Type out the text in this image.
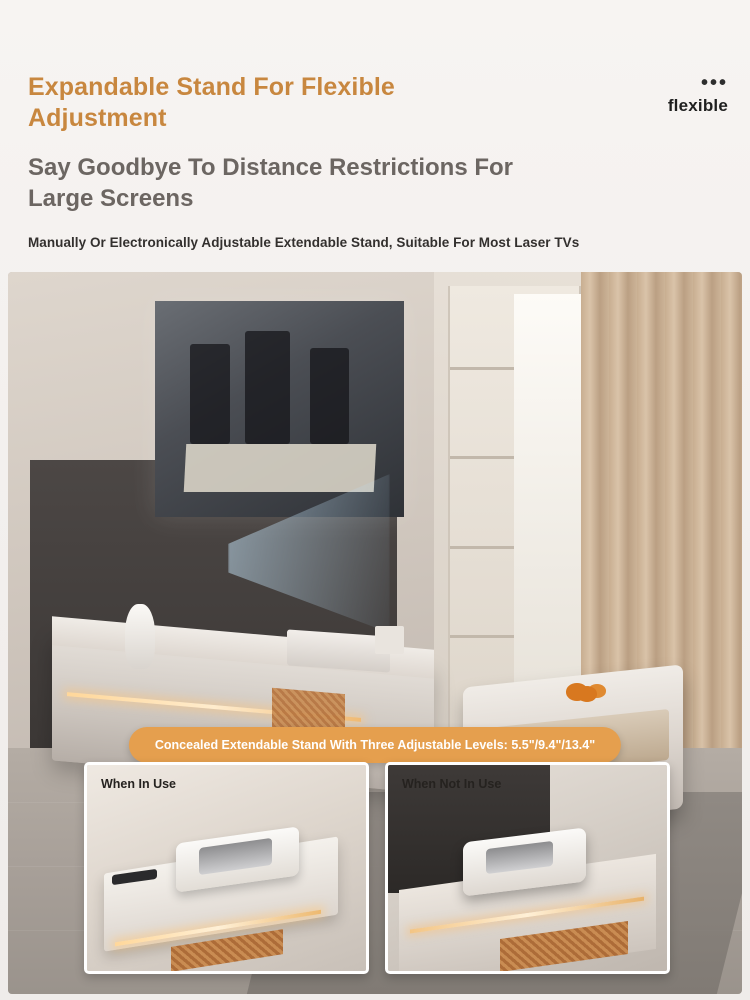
•••
flexible
Expandable Stand For Flexible Adjustment
Say Goodbye To Distance Restrictions For Large Screens

Manually Or Electronically Adjustable Extendable Stand, Suitable For Most Laser TVs

Concealed Extendable Stand With Three Adjustable Levels: 5.5"/9.4"/13.4"
When In Use	When Not In Use
